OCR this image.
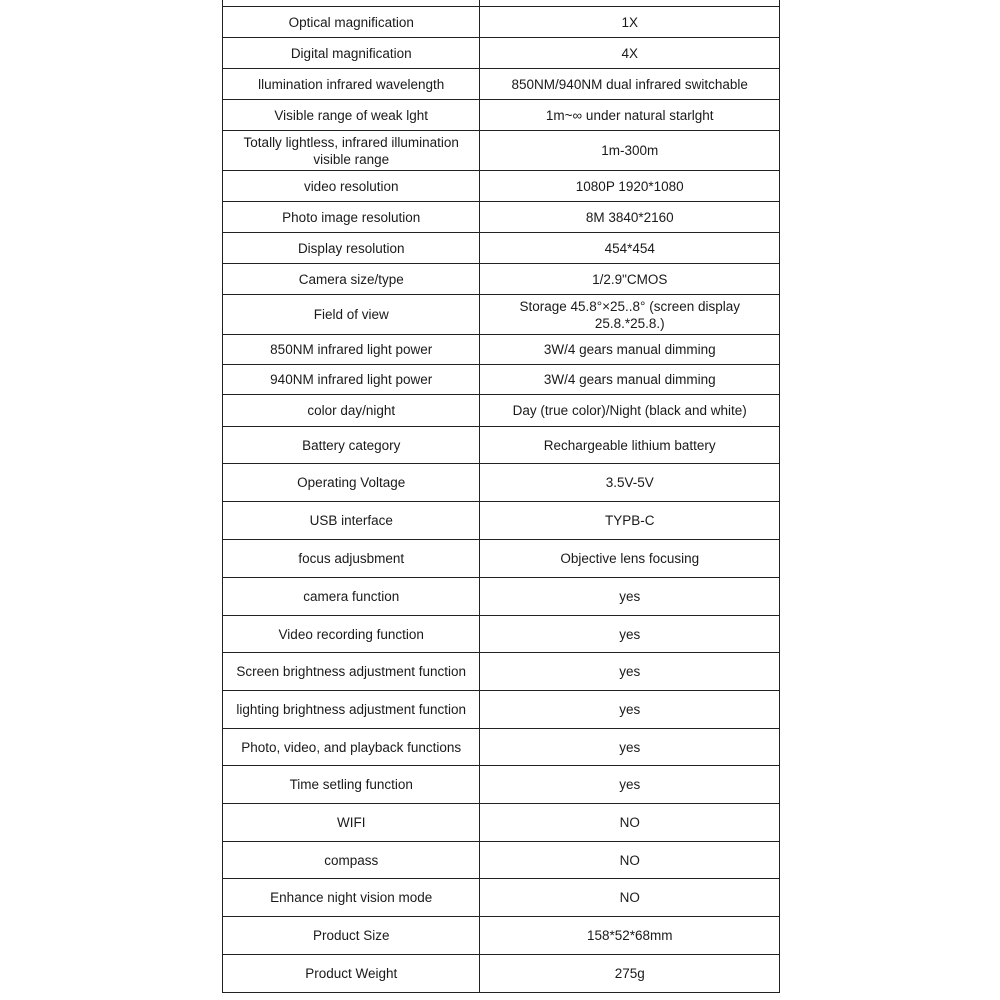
Optical magnification	1X
Digital magnification	4X
llumination infrared wavelength	850NM/940NM dual infrared switchable
Visible range of weak lght	1m~∞ under natural starlght
Totally lightless, infrared illumination visible range	1m-300m
video resolution	1080P 1920*1080
Photo image resolution	8M 3840*2160
Display resolution	454*454
Camera size/type	1/2.9"CMOS
Field of view	Storage 45.8°×25..8° (screen display 25.8.*25.8.)
850NM infrared light power	3W/4 gears manual dimming
940NM infrared light power	3W/4 gears manual dimming
color day/night	Day (true color)/Night (black and white)
Battery category	Rechargeable lithium battery
Operating Voltage	3.5V-5V
USB interface	TYPB-C
focus adjusbment	Objective lens focusing
camera function	yes
Video recording function	yes
Screen brightness adjustment function	yes
lighting brightness adjustment function	yes
Photo, video, and playback functions	yes
Time setling function	yes
WIFI	NO
compass	NO
Enhance night vision mode	NO
Product Size	158*52*68mm
Product Weight	275g
